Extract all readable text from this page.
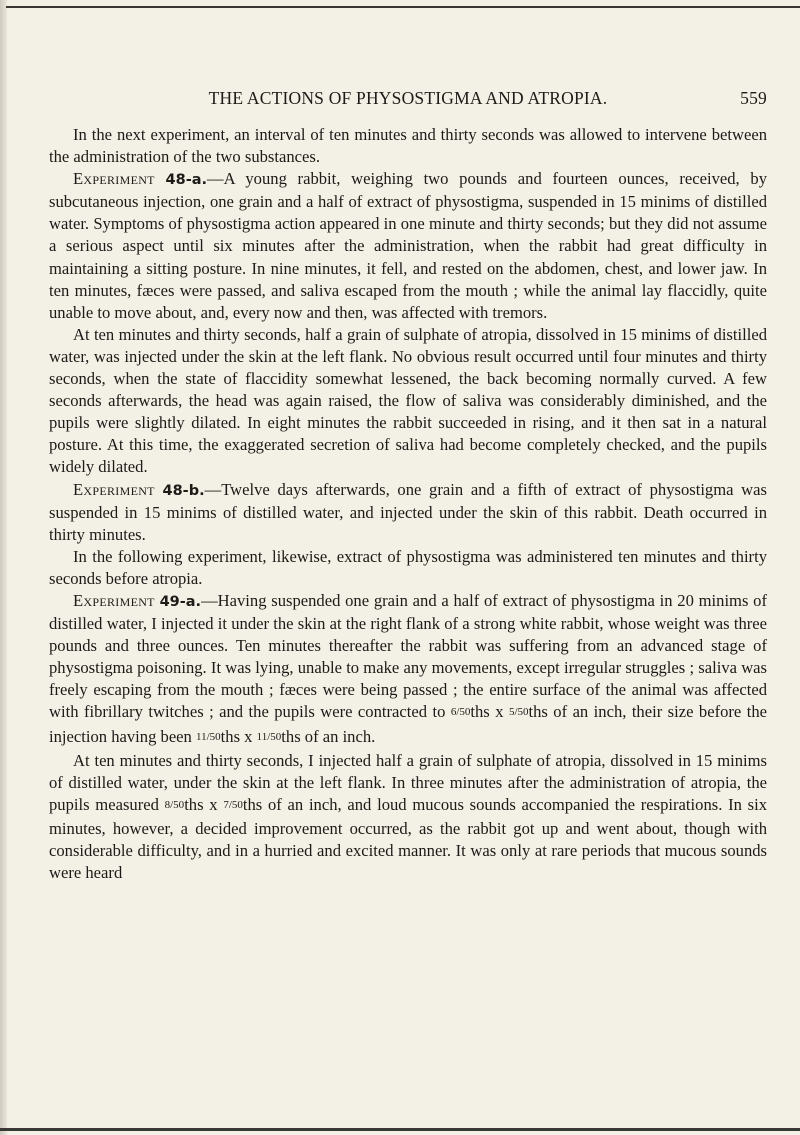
THE ACTIONS OF PHYSOSTIGMA AND ATROPIA.	559

In the next experiment, an interval of ten minutes and thirty seconds was allowed to intervene between the administration of the two substances.

Experiment 48-a.—A young rabbit, weighing two pounds and fourteen ounces, received, by subcutaneous injection, one grain and a half of extract of physostigma, suspended in 15 minims of distilled water. Symptoms of physostigma action appeared in one minute and thirty seconds; but they did not assume a serious aspect until six minutes after the administration, when the rabbit had great difficulty in maintaining a sitting posture. In nine minutes, it fell, and rested on the abdomen, chest, and lower jaw. In ten minutes, fæces were passed, and saliva escaped from the mouth ; while the animal lay flaccidly, quite unable to move about, and, every now and then, was affected with tremors.

At ten minutes and thirty seconds, half a grain of sulphate of atropia, dissolved in 15 minims of distilled water, was injected under the skin at the left flank. No obvious result occurred until four minutes and thirty seconds, when the state of flaccidity somewhat lessened, the back becoming normally curved. A few seconds afterwards, the head was again raised, the flow of saliva was considerably diminished, and the pupils were slightly dilated. In eight minutes the rabbit succeeded in rising, and it then sat in a natural posture. At this time, the exaggerated secretion of saliva had become completely checked, and the pupils widely dilated.

Experiment 48-b.—Twelve days afterwards, one grain and a fifth of extract of physostigma was suspended in 15 minims of distilled water, and injected under the skin of this rabbit. Death occurred in thirty minutes.

In the following experiment, likewise, extract of physostigma was administered ten minutes and thirty seconds before atropia.

Experiment 49-a.—Having suspended one grain and a half of extract of physostigma in 20 minims of distilled water, I injected it under the skin at the right flank of a strong white rabbit, whose weight was three pounds and three ounces. Ten minutes thereafter the rabbit was suffering from an advanced stage of physostigma poisoning. It was lying, unable to make any movements, except irregular struggles ; saliva was freely escaping from the mouth ; fæces were being passed ; the entire surface of the animal was affected with fibrillary twitches ; and the pupils were contracted to 6/50ths x 5/50ths of an inch, their size before the injection having been 11/50ths x 11/50ths of an inch.

At ten minutes and thirty seconds, I injected half a grain of sulphate of atropia, dissolved in 15 minims of distilled water, under the skin at the left flank. In three minutes after the administration of atropia, the pupils measured 8/50ths x 7/50ths of an inch, and loud mucous sounds accompanied the respirations. In six minutes, however, a decided improvement occurred, as the rabbit got up and went about, though with considerable difficulty, and in a hurried and excited manner. It was only at rare periods that mucous sounds were heard
